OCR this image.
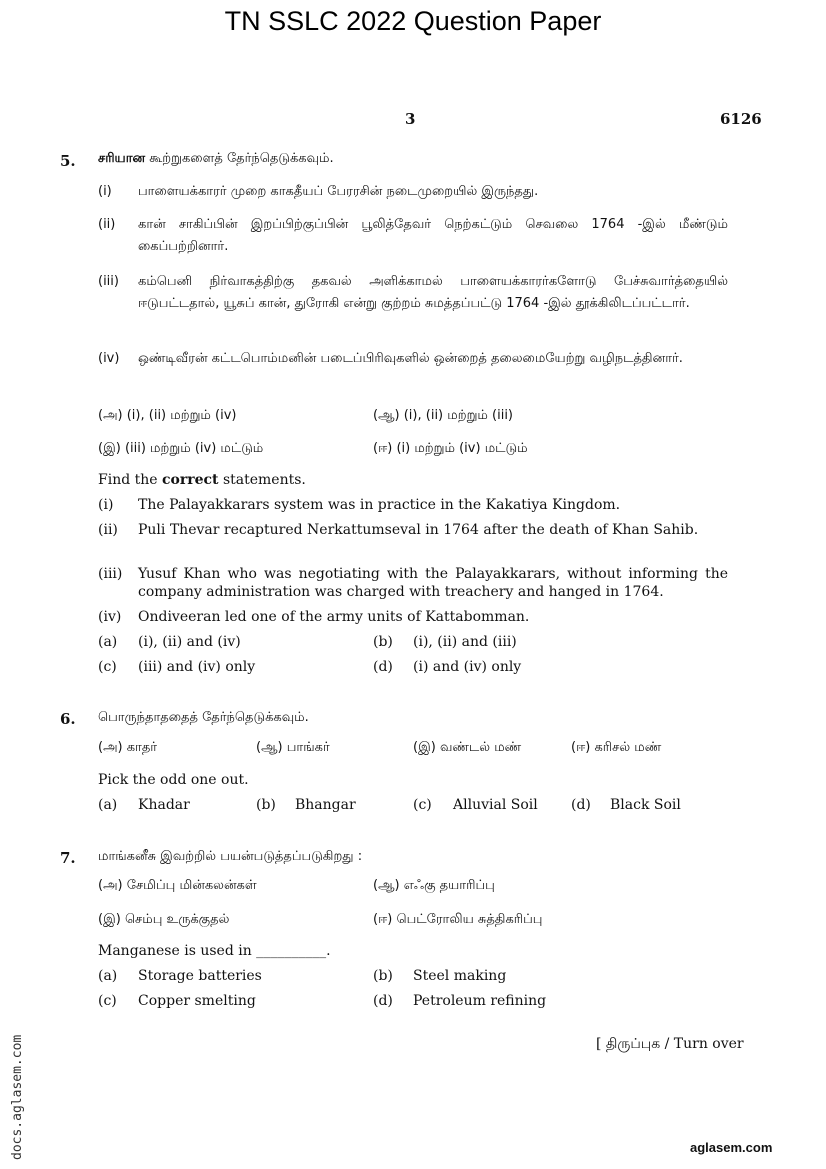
TN SSLC 2022 Question Paper
3	6126
5. சரியான கூற்றுகளைத் தேர்ந்தெடுக்கவும்.
(i) பாளையக்காரர் முறை காகதீயப் பேரரசின் நடைமுறையில் இருந்தது.
(ii) கான் சாகிப்பின் இறப்பிற்குப்பின் பூலித்தேவர் நெற்கட்டும் செவலை 1764 -இல் மீண்டும் கைப்பற்றினார்.
(iii) கம்பெனி நிர்வாகத்திற்கு தகவல் அளிக்காமல் பாளையக்காரர்களோடு பேச்சுவார்த்தையில் ஈடுபட்டதால், யூசுப் கான், துரோகி என்று குற்றம் சுமத்தப்பட்டு 1764 -இல் தூக்கிலிடப்பட்டார்.
(iv) ஒண்டிவீரன் கட்டபொம்மனின் படைப்பிரிவுகளில் ஒன்றைத் தலைமையேற்று வழிநடத்தினார்.
(அ) (i), (ii) மற்றும் (iv)	(ஆ) (i), (ii) மற்றும் (iii)
(இ) (iii) மற்றும் (iv) மட்டும்	(ஈ) (i) மற்றும் (iv) மட்டும்
Find the correct statements.
(i) The Palayakkarars system was in practice in the Kakatiya Kingdom.
(ii) Puli Thevar recaptured Nerkattumseval in 1764 after the death of Khan Sahib.
(iii) Yusuf Khan who was negotiating with the Palayakkarars, without informing the company administration was charged with treachery and hanged in 1764.
(iv) Ondiveeran led one of the army units of Kattabomman.
(a) (i), (ii) and (iv)	(b) (i), (ii) and (iii)
(c) (iii) and (iv) only	(d) (i) and (iv) only
6. பொருந்தாததைத் தேர்ந்தெடுக்கவும்.
(அ) காதர்	(ஆ) பாங்கர்	(இ) வண்டல் மண்	(ஈ) கரிசல் மண்
Pick the odd one out.
(a) Khadar	(b) Bhangar	(c) Alluvial Soil (d) Black Soil
7. மாங்கனீசு இவற்றில் பயன்படுத்தப்படுகிறது :
(அ) சேமிப்பு மின்கலன்கள்	(ஆ) எஃகு தயாரிப்பு
(இ) செம்பு உருக்குதல்	(ஈ) பெட்ரோலிய சுத்திகரிப்பு
Manganese is used in __________.
(a) Storage batteries	(b) Steel making
(c) Copper smelting	(d) Petroleum refining
[ திருப்புக / Turn over
docs.aglasem.com	aglasem.com
